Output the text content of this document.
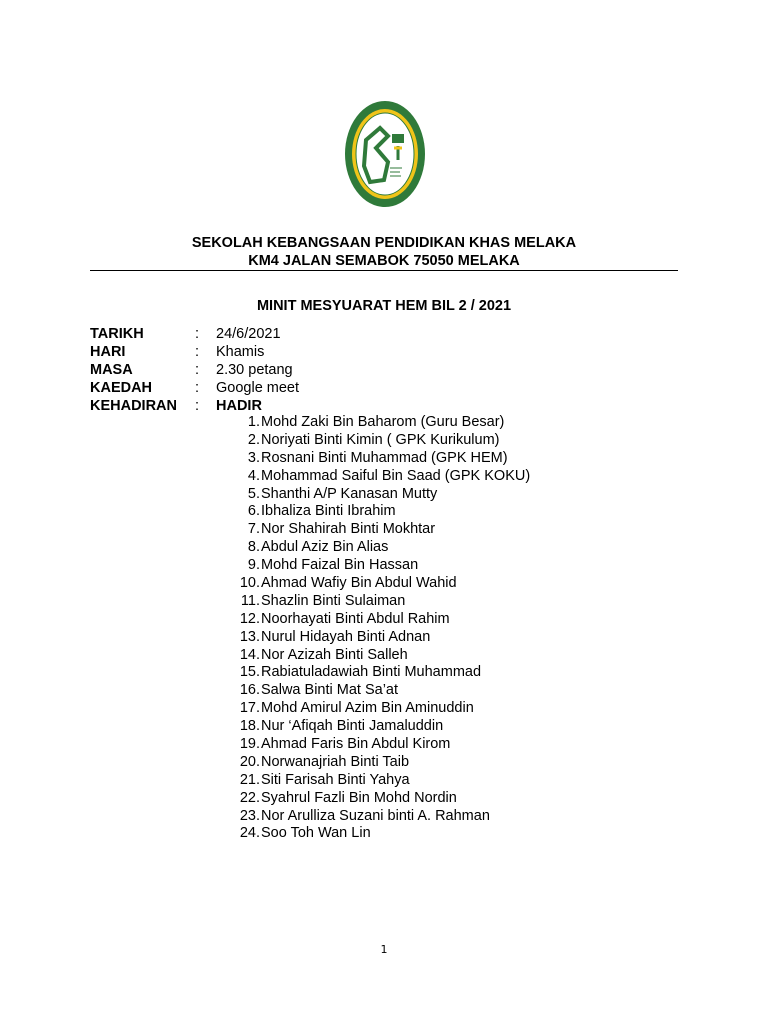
SEKOLAH KEBANGSAAN PENDIDIKAN KHAS MELAKA
KM4 JALAN SEMABOK 75050 MELAKA
MINIT MESYUARAT HEM BIL 2 / 2021
TARIKH	: 24/6/2021
HARI	: Khamis
MASA	: 2.30 petang
KAEDAH	: Google meet
KEHADIRAN : HADIR
1. Mohd Zaki Bin Baharom (Guru Besar)
2. Noriyati Binti Kimin ( GPK Kurikulum)
3. Rosnani Binti Muhammad (GPK HEM)
4. Mohammad Saiful Bin Saad (GPK KOKU)
5. Shanthi A/P Kanasan Mutty
6. Ibhaliza Binti Ibrahim
7. Nor Shahirah Binti Mokhtar
8. Abdul Aziz Bin Alias
9. Mohd Faizal Bin Hassan
10. Ahmad Wafiy Bin Abdul Wahid
11. Shazlin Binti Sulaiman
12. Noorhayati Binti Abdul Rahim
13. Nurul Hidayah Binti Adnan
14. Nor Azizah Binti Salleh
15. Rabiatuladawiah Binti Muhammad
16. Salwa Binti Mat Sa’at
17. Mohd Amirul Azim Bin Aminuddin
18. Nur ‘Afiqah Binti Jamaluddin
19. Ahmad Faris Bin Abdul Kirom
20. Norwanajriah Binti Taib
21. Siti Farisah Binti Yahya
22. Syahrul Fazli Bin Mohd Nordin
23. Nor Arulliza Suzani binti A. Rahman
24. Soo Toh Wan Lin
1
